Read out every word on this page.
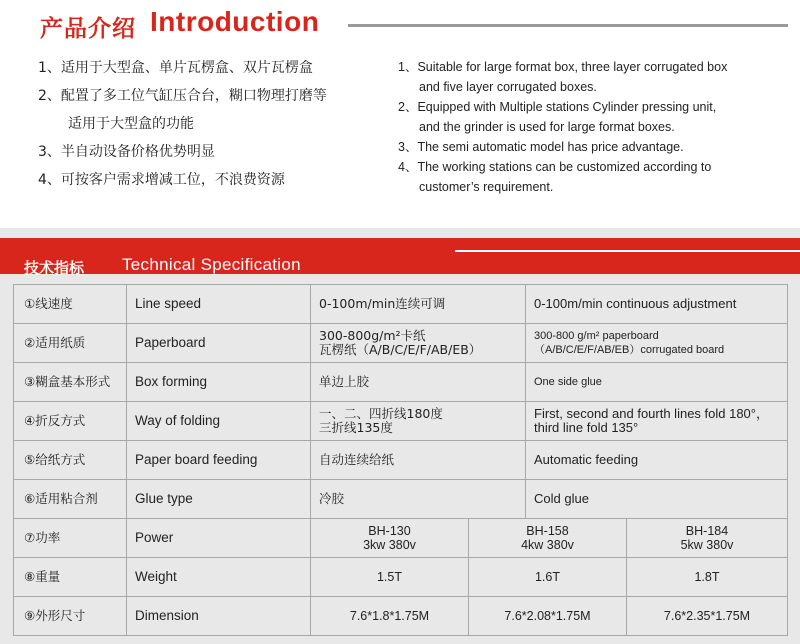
产品介绍 Introduction
1、适用于大型盒、单片瓦楞盒、双片瓦楞盒
2、配置了多工位气缸压合台，糊口物理打磨等
适用于大型盒的功能
3、半自动设备价格优势明显
4、可按客户需求增减工位，不浪费资源
1、Suitable for large format box, three layer corrugated box
and five layer corrugated boxes.
2、Equipped with Multiple stations Cylinder pressing unit,
and the grinder is used for large format boxes.
3、The semi automatic model has price advantage.
4、The working stations can be customized according to
customer’s requirement.
技术指标 Technical Specification
①线速度	Line speed	0-100m/min连续可调	0-100m/min continuous adjustment

②适用纸质	Paperboard	300-800g/m²卡纸
瓦楞纸（A/B/C/E/F/AB/EB）	300-800 g/m² paperboard
（A/B/C/E/F/AB/EB）corrugated board

③糊盒基本形式	Box forming	单边上胶	One side glue

④折反方式	Way of folding	一、二、四折线180度
三折线135度	First, second and fourth lines fold 180°，
third line fold 135°

⑤给纸方式	Paper board feeding	自动连续给纸	Automatic feeding

⑥适用粘合剂	Glue type	冷胶	Cold glue
⑦功率	Power	BH-130
3kw 380v	BH-158
4kw 380v	BH-184
5kw 380v

⑧重量	Weight	1.5T	1.6T	1.8T
⑨外形尺寸	Dimension	7.6*1.8*1.75M	7.6*2.08*1.75M	7.6*2.35*1.75M
